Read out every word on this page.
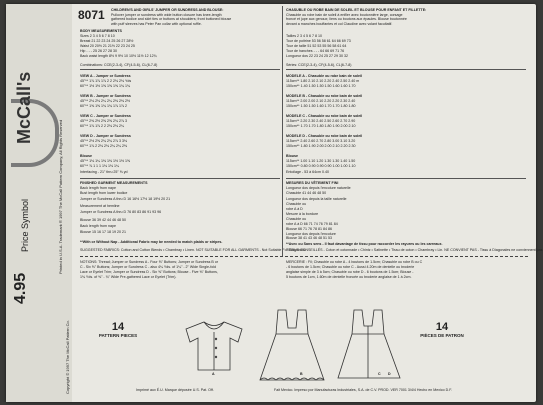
McCall's
Price Symbol
4.95
Printed in U.S.A. Trademark ® 1997 The McCall Pattern Company, All Rights Reserved
Copyright © 1997 The McCall Pattern Co.
8071 CHILDREN'S AND GIRLS' JUMPER OR SUNDRESS AND BLOUSE:
Pullover jumper or sundress with wide button closure has knee-length
gathered bodice and skirt ties or buttons at shoulders; front buttoned blouse
with puff sleeves has Peter Pan collar with optional ruffle.
BODY MEASUREMENTS
Sizes 2 3 4 5 6 7 8 10
Breast 21 22 23 24 25 26 27 28½
Waist 20 20½ 21 21½ 22 23 24 25
Hip - - - 25 26 27 28 30
Back waist length 8½ 9 9½ 10 10½ 11½ 12 12¾
Combinations: CCE(2-3-4), CF(4-5-6), CL(6-7-8)
VIEW A - Jumper or Sundress
45"** 1⅞ 1⅞ 1⅞ 2 2 2⅛ 2⅛ Yds
60"** 1½ 1½ 1⅝ 1⅝ 1⅝ 1¾ 1¾
VIEW B - Jumper or Sundress
45"** 2⅛ 2⅛ 2¼ 2¼ 2⅜ 2⅜ 2½
60"** 1⅝ 1⅝ 1¾ 1¾ 1⅞ 1⅞ 2
VIEW C - Jumper or Sundress
45"** 2⅜ 2½ 2⅝ 2⅝ 2¾ 2⅞ 3
60"** 1⅞ 1⅞ 2 2 2⅛ 2⅛ 2¼
VIEW D - Jumper or Sundress
45"** 2½ 2⅝ 2¾ 2¾ 2⅞ 3 3⅛
60"** 1⅞ 2 2⅛ 2⅛ 2¼ 2¼ 2⅜
Blouse
45"** 1⅛ 1¼ 1⅜ 1⅜ 1½ 1½ 1⅝
60"** ⅞ 1 1 1 1⅛ 1⅛ 1¼
Interfacing - 21" thru 25" ⅜ yd
FINISHED GARMENT MEASUREMENTS
Back length from nape
Bust length from lower bodice
Jumper or Sundress A thru D 16 16½ 17½ 18 19½ 20 21
Measurement at hemline
Jumper or Sundress A thru D 76 80 83 86 91 93 96
Blouse 36 39 42 44 46 48 50
Back length from nape
Blouse 15 16 17 18 19 20 21
**With or Without Nap - Additional Fabric may be needed to match plaids or stripes.
SUGGESTED FABRICS: Cotton and Cotton Blends • Chambray • Linen. NOT SUITABLE FOR ALL GARMENTS - Not Suitable For Diagonals.
NOTIONS: Thread; Jumper or Sundress A - Four ⅝" Buttons; Jumper or Sundress B or
C - Six ⅝" Buttons; Jumper or Sundress C - also 4¼ Yds. of 1¼" - 2" Wide Single-fold
Lace or Eyelet Trim; Jumper or Sundress D - Six ⅝" Buttons; Blouse - Five ⅜" Buttons,
1¾ Yds. of ⅜" - ¾" Wide Pre-gathered Lace or Eyelet (Trim).
CHASUBLE OU ROBE BAIN DE SOLEIL ET BLOUSE POUR ENFANT ET FILLETTE:
Chasuble ou robe bain de soleil à enfiler avec boutonnière large, corsage
froncé et jupe aux genoux; liens ou boutons aux épaules. Blouse boutonnée
devant a manches bouffantes et col Claudine avec volant facultatif.
Tailles 2 3 4 5 6 7 8 10
Tour de poitrine 53 56 58 61 64 66 69 73
Tour de taille 51 52 53 55 56 58 61 64
Tour de hanches - - - 64 66 69 71 76
Longueur dos 22 23 24 25 27 29 30 32
Séries: CCE(2-3-4), CF(4-5-6), CL(6-7-8)
MODELE A - Chasuble ou robe bain de soleil
115cm** 1.80 2.10 2.10 2.20 2.40 2.50 2.40 m
150cm** 1.40 1.50 1.50 1.50 1.60 1.60 1.70
MODELE B - Chasuble ou robe bain de soleil
115cm** 2.00 2.00 2.10 2.20 2.20 2.30 2.40
150cm** 1.50 1.50 1.60 1.70 1.70 1.80 1.80
MODELE C - Chasuble ou robe bain de soleil
115cm** 2.20 2.30 2.40 2.50 2.60 2.70 2.90
150cm** 1.70 1.70 1.80 1.80 1.90 2.00 2.10
MODELE D - Chasuble ou robe bain de soleil
115cm** 2.40 2.60 2.70 2.80 3.00 3.10 3.20
150cm** 1.80 1.90 2.00 2.00 2.10 2.20 2.30
Blouse
115cm** 1.00 1.10 1.20 1.30 1.30 1.40 1.50
150cm** 0.80 0.90 0.90 0.90 1.00 1.00 1.10
Entoilage - 53 à 64cm 0.40
MESURES DU VÊTEMENT FINI
Longueur dos depuis l'encolure naturelle
Chasuble 41 44 46 48 50
Longueur dos depuis la taille naturelle
Chasuble ou
robe A à D
Mesure à la bordure
Chasuble ou
robe A à D 66 71 74 76 79 81 84
Blouse 66 71 76 78 81 84 86
Longueur dos depuis l'encolure
Blouse 38 41 43 46 48 51 53
**Avec ou Sans sens - Il faut davantage de tissu pour raccorder les rayures ou les carreaux.
TISSUS CONSEILLÉS - Coton et cotonnade • Chintz • Satinette • Tissu de coton • Chambray • Lin. NE CONVIENT PAS - Tissu à Diagonales ne conviennent pas.
MERCERIE : Fil; Chasuble ou robe A - 4 boutons de 1.5cm; Chasuble ou robe B ou C
- 6 boutons de 1.5cm; Chasuble ou robe C - Aussi 4.20m de dentelle ou broderie
anglaise simple de 3 à 5cm; Chasuble ou robe D - 6 boutons de 1.5cm; Blouse -
5 boutons de 1cm, 1.60m de dentelle froncée ou broderie anglaise de 1 à 2cm.
14
PATTERN PIECES
14
PIÈCES DE PATRON
A	B	C D
Imprimé aux É.U. Marque déposée U.S. Pat. Off.	Fait Mexico. Impreso por Manufacturas Industriales, S.A. de C.V. PROD. VER 7001 3/4/4 Hecho en Mexico D.F.
